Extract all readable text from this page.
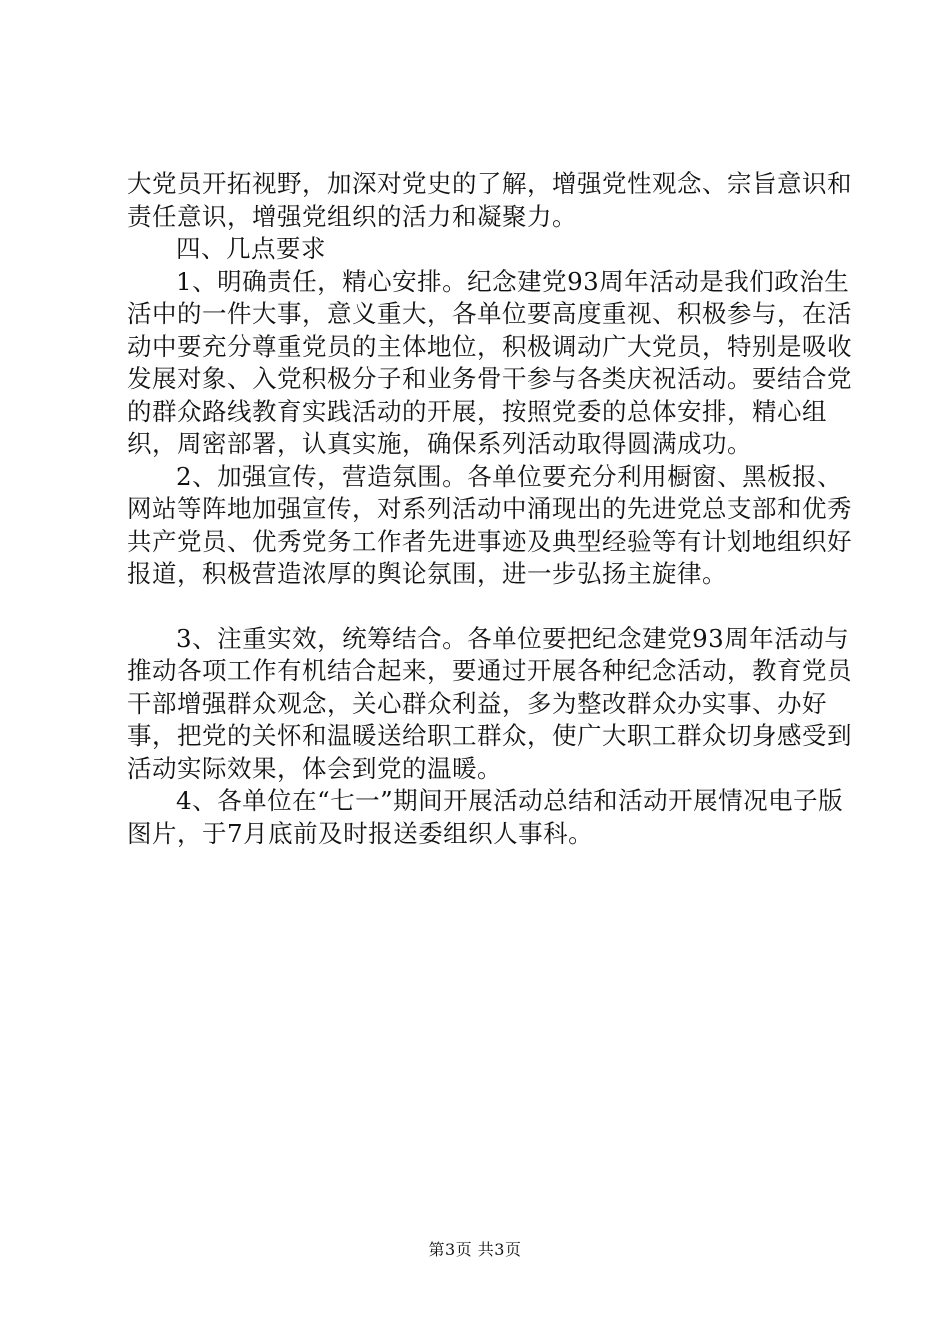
大党员开拓视野，加深对党史的了解，增强党性观念、宗旨意识和责任意识，增强党组织的活力和凝聚力。

四、几点要求

1、明确责任，精心安排。纪念建党93周年活动是我们政治生活中的一件大事，意义重大，各单位要高度重视、积极参与，在活动中要充分尊重党员的主体地位，积极调动广大党员，特别是吸收发展对象、入党积极分子和业务骨干参与各类庆祝活动。要结合党的群众路线教育实践活动的开展，按照党委的总体安排，精心组织，周密部署，认真实施，确保系列活动取得圆满成功。

2、加强宣传，营造氛围。各单位要充分利用橱窗、黑板报、网站等阵地加强宣传，对系列活动中涌现出的先进党总支部和优秀共产党员、优秀党务工作者先进事迹及典型经验等有计划地组织好报道，积极营造浓厚的舆论氛围，进一步弘扬主旋律。

3、注重实效，统筹结合。各单位要把纪念建党93周年活动与推动各项工作有机结合起来，要通过开展各种纪念活动，教育党员干部增强群众观念，关心群众利益，多为整改群众办实事、办好事，把党的关怀和温暖送给职工群众，使广大职工群众切身感受到活动实际效果，体会到党的温暖。

4、各单位在“七一”期间开展活动总结和活动开展情况电子版图片，于7月底前及时报送委组织人事科。

第3页 共3页
